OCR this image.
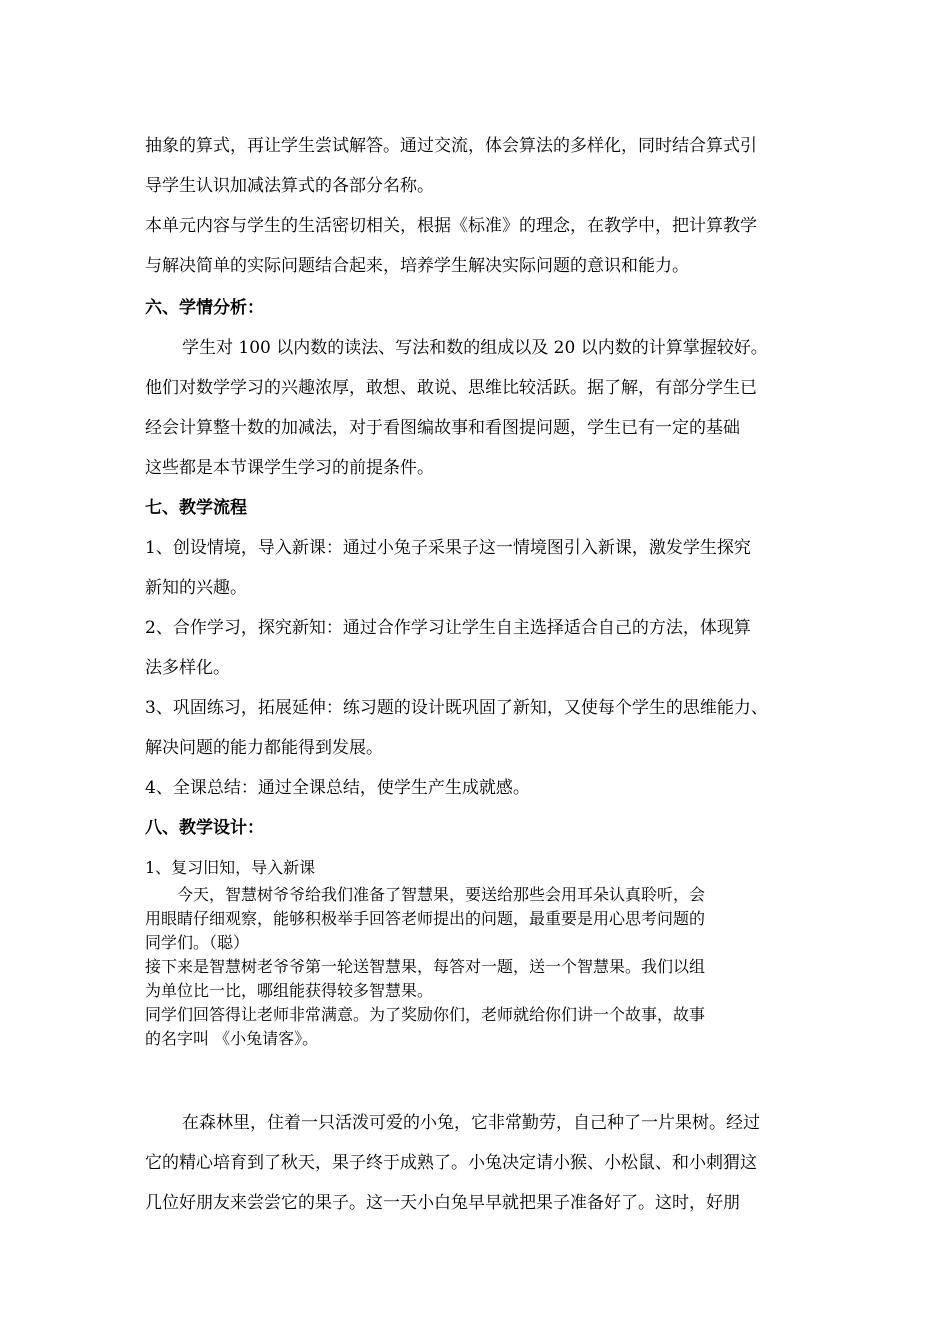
抽象的算式，再让学生尝试解答。通过交流，体会算法的多样化，同时结合算式引
导学生认识加减法算式的各部分名称。
本单元内容与学生的生活密切相关，根据《标准》的理念，在教学中，把计算教学
与解决简单的实际问题结合起来，培养学生解决实际问题的意识和能力。
六、学情分析：
学生对 100 以内数的读法、写法和数的组成以及 20 以内数的计算掌握较好。
他们对数学学习的兴趣浓厚，敢想、敢说、思维比较活跃。据了解，有部分学生已
经会计算整十数的加减法，对于看图编故事和看图提问题，学生已有一定的基础
这些都是本节课学生学习的前提条件。
七、教学流程
1、创设情境，导入新课：通过小兔子采果子这一情境图引入新课，激发学生探究
新知的兴趣。
2、合作学习，探究新知：通过合作学习让学生自主选择适合自己的方法，体现算
法多样化。
3、巩固练习，拓展延伸：练习题的设计既巩固了新知，又使每个学生的思维能力、
解决问题的能力都能得到发展。
4、全课总结：通过全课总结，使学生产生成就感。
八、教学设计：
1、复习旧知，导入新课
今天，智慧树爷爷给我们准备了智慧果，要送给那些会用耳朵认真聆听，会
用眼睛仔细观察，能够积极举手回答老师提出的问题，最重要是用心思考问题的
同学们。（聪）
接下来是智慧树老爷爷第一轮送智慧果，每答对一题，送一个智慧果。我们以组
为单位比一比，哪组能获得较多智慧果。
同学们回答得让老师非常满意。为了奖励你们，老师就给你们讲一个故事，故事
的名字叫 《小兔请客》。
在森林里，住着一只活泼可爱的小兔，它非常勤劳，自己种了一片果树。经过
它的精心培育到了秋天，果子终于成熟了。小兔决定请小猴、小松鼠、和小刺猬这
几位好朋友来尝尝它的果子。这一天小白兔早早就把果子准备好了。这时，好朋
